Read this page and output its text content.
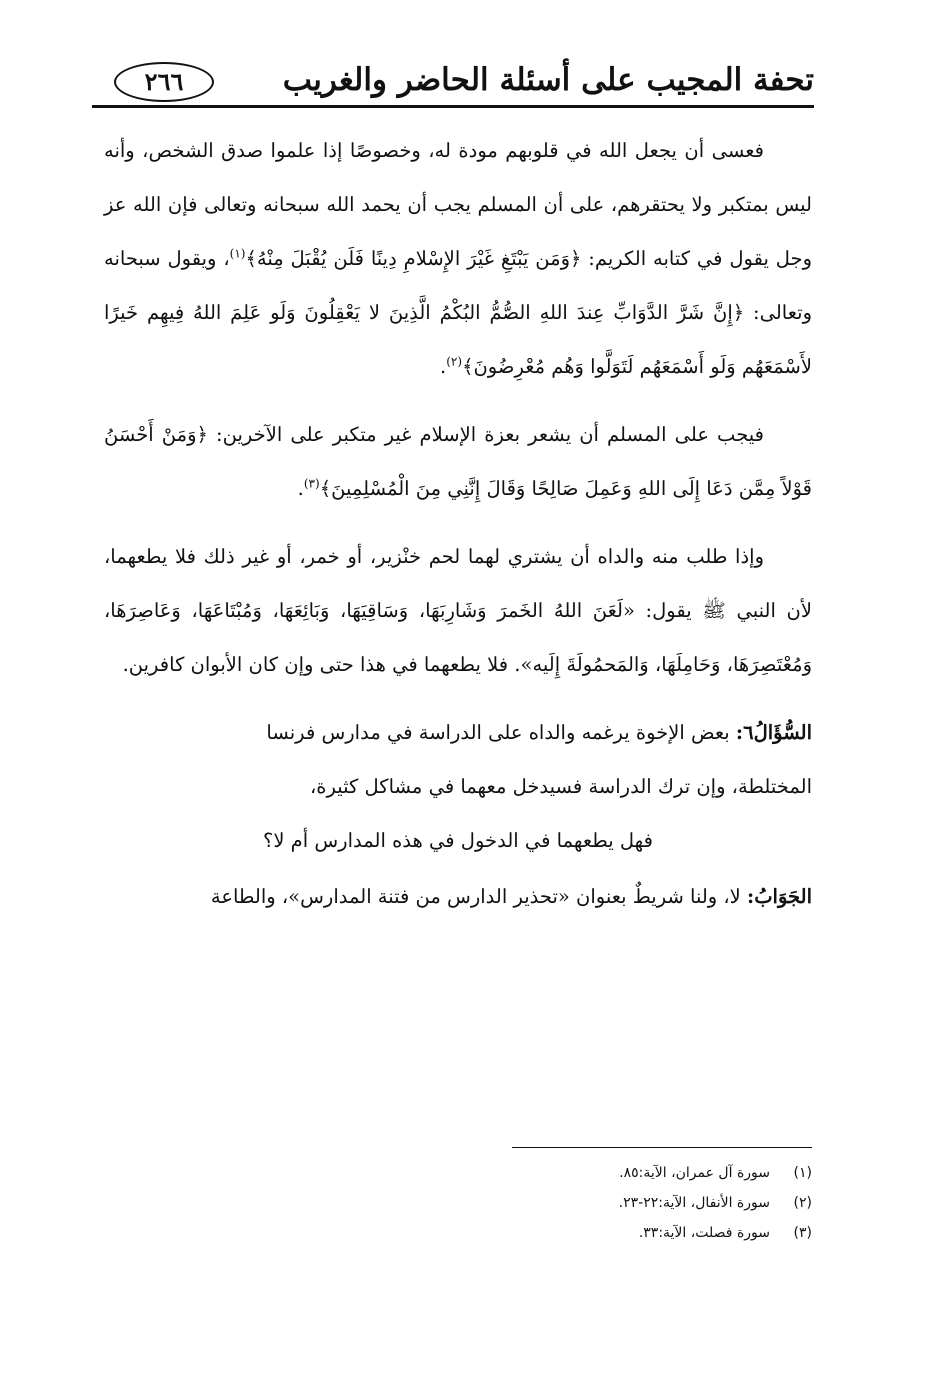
تحفة المجيب على أسئلة الحاضر والغريب
٢٦٦

فعسى أن يجعل الله في قلوبهم مودة له، وخصوصًا إذا علموا صدق الشخص، وأنه ليس بمتكبر ولا يحتقرهم، على أن المسلم يجب أن يحمد الله سبحانه وتعالى فإن الله عز وجل يقول في كتابه الكريم: ﴿وَمَن يَبْتَغِ غَيْرَ الإِسْلامِ دِينًا فَلَن يُقْبَلَ مِنْهُ﴾$^{(١)}$، ويقول سبحانه وتعالى: ﴿إِنَّ شَرَّ الدَّوَابِّ عِندَ اللهِ الصُّمُّ البُكْمُ الَّذِينَ لا يَعْقِلُونَ وَلَو عَلِمَ اللهُ فِيهِم خَيرًا لأَسْمَعَهُم وَلَو أَسْمَعَهُم لَتَوَلَّوا وَهُم مُعْرِضُونَ﴾$^{(٢)}$.

فيجب على المسلم أن يشعر بعزة الإسلام غير متكبر على الآخرين: ﴿وَمَنْ أَحْسَنُ قَوْلاً مِمَّن دَعَا إِلَى اللهِ وَعَمِلَ صَالِحًا وَقَالَ إِنَّنِي مِنَ الْمُسْلِمِينَ﴾$^{(٣)}$.

وإذا طلب منه والداه أن يشتري لهما لحم خنْزير، أو خمر، أو غير ذلك فلا يطعهما، لأن النبي ﷺ يقول: «لَعَنَ اللهُ الخَمرَ وَشَارِبَهَا، وَسَاقِيَهَا، وَبَائِعَهَا، وَمُبْتَاعَهَا، وَعَاصِرَهَا، وَمُعْتَصِرَهَا، وَحَامِلَهَا، وَالمَحمُولَةَ إِلَيه». فلا يطعهما في هذا حتى وإن كان الأبوان كافرين.

السُّؤَالُ٦: بعض الإخوة يرغمه والداه على الدراسة في مدارس فرنسا

المختلطة، وإن ترك الدراسة فسيدخل معهما في مشاكل كثيرة،

فهل يطعهما في الدخول في هذه المدارس أم لا؟

الجَوَابُ: لا، ولنا شريطٌ بعنوان «تحذير الدارس من فتنة المدارس»، والطاعة

(١)
سورة آل عمران، الآية:٨٥.
(٢)
سورة الأنفال، الآية:٢٢-٢٣.
(٣)
سورة فصلت، الآية:٣٣.
